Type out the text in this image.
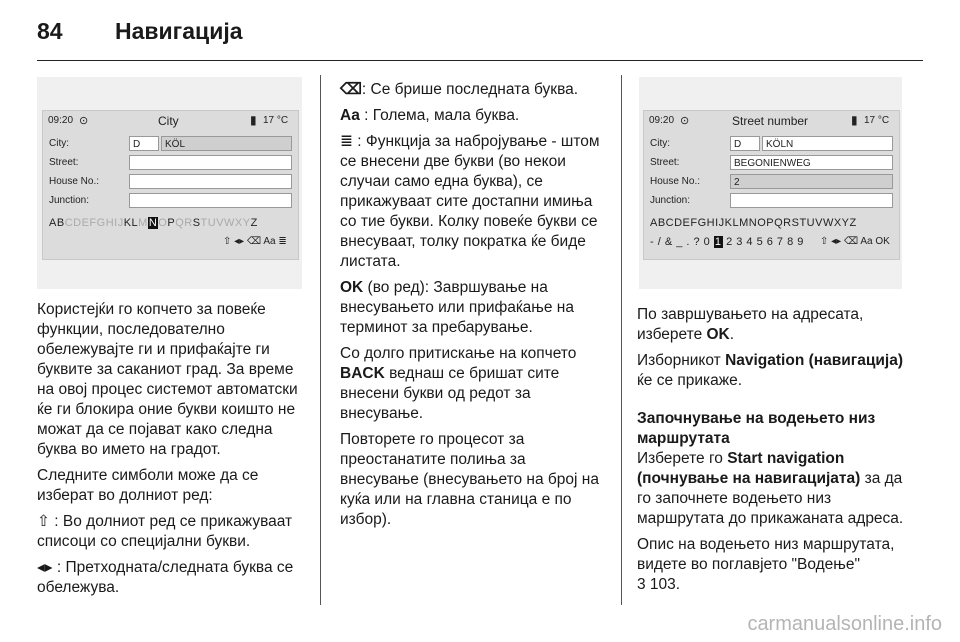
84 Навигација
09:20 ⊙	City	▮ 17 °C
City:	D	KÖL
Street:
House No.:
Junction:
ABCDEFGHIJKLMNOPQRSTUVWXYZ
⇧ ◂▸ ⌫ Aa ≣
09:20 ⊙	Street number	▮ 17 °C
City:	D	KÖLN
Street:	BEGONIENWEG
House No.:	2
Junction:
ABCDEFGHIJKLMNOPQRSTUVWXYZ
- / & _ . ? 0 1 2 3 4 5 6 7 8 9 ⇧ ◂▸ ⌫ Aa OK

Користејќи го копчето за повеќе функции, последователно обележувајте ги и прифаќајте ги буквите за саканиот град. За време на овој процес системот автоматски ќе ги блокира оние букви коишто не можат да се појават како следна буква во името на градот.

Следните симболи може да се изберат во долниот ред:

⇧ : Во долниот ред се прикажуваат списоци со специјални букви.

◂▸ : Претходната/следната буква се обележува.

⌫: Се брише последната буква.

Aa : Голема, мала буква.

≣ : Функција за набројување - штом се внесени две букви (во некои случаи само една буква), се прикажуваат сите достапни имиња со тие букви. Колку повеќе букви се внесуваат, толку пократка ќе биде листата.

OK (во ред): Завршување на внесувањето или прифаќање на терминот за пребарување.

Со долго притискање на копчето BACK веднаш се бришат сите внесени букви од редот за внесување.

Повторете го процесот за преостанатите полиња за внесување (внесувањето на број на куќа или на главна станица е по избор).

По завршувањето на адресата, изберете OK.

Изборникот Navigation (навигација) ќе се прикаже.

Започнување на водењето низ маршрутата

Изберете го Start navigation (почнување на навигацијата) за да го започнете водењето низ маршрутата до прикажаната адреса.

Опис на водењето низ маршрутата, видете во поглавјето "Водење"

3 103.

carmanualsonline.info
